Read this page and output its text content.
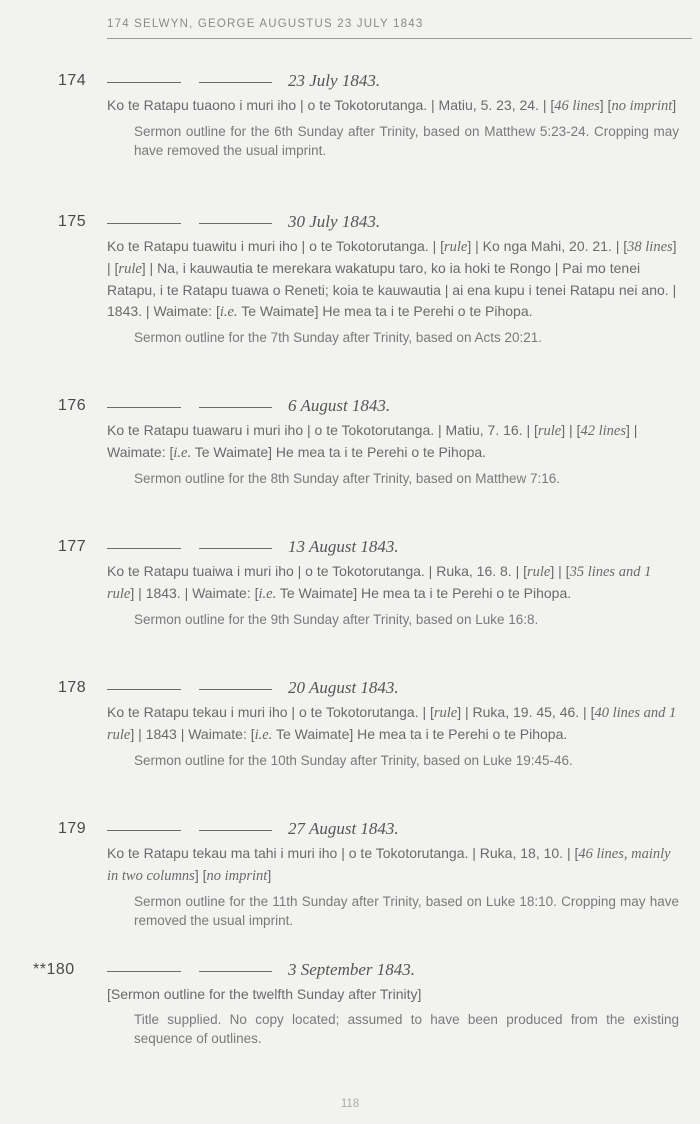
174 SELWYN, GEORGE AUGUSTUS 23 JULY 1843
174	23 July 1843.
Ko te Ratapu tuaono i muri iho | o te Tokotorutanga. | Matiu, 5. 23, 24. | [46 lines] [no imprint]
Sermon outline for the 6th Sunday after Trinity, based on Matthew 5:23-24. Cropping may have removed the usual imprint.
175	30 July 1843.
Ko te Ratapu tuawitu i muri iho | o te Tokotorutanga. | [rule] | Ko nga Mahi, 20. 21. | [38 lines] | [rule] | Na, i kauwautia te merekara wakatupu taro, ko ia hoki te Rongo | Pai mo tenei Ratapu, i te Ratapu tuawa o Reneti; koia te kauwautia | ai ena kupu i tenei Ratapu nei ano. | 1843. | Waimate: [i.e. Te Waimate] He mea ta i te Perehi o te Pihopa.
Sermon outline for the 7th Sunday after Trinity, based on Acts 20:21.
176	6 August 1843.
Ko te Ratapu tuawaru i muri iho | o te Tokotorutanga. | Matiu, 7. 16. | [rule] | [42 lines] | Waimate: [i.e. Te Waimate] He mea ta i te Perehi o te Pihopa.
Sermon outline for the 8th Sunday after Trinity, based on Matthew 7:16.
177	13 August 1843.
Ko te Ratapu tuaiwa i muri iho | o te Tokotorutanga. | Ruka, 16. 8. | [rule] | [35 lines and 1 rule] | 1843. | Waimate: [i.e. Te Waimate] He mea ta i te Perehi o te Pihopa.
Sermon outline for the 9th Sunday after Trinity, based on Luke 16:8.
178	20 August 1843.
Ko te Ratapu tekau i muri iho | o te Tokotorutanga. | [rule] | Ruka, 19. 45, 46. | [40 lines and 1 rule] | 1843 | Waimate: [i.e. Te Waimate] He mea ta i te Perehi o te Pihopa.
Sermon outline for the 10th Sunday after Trinity, based on Luke 19:45-46.
179	27 August 1843.
Ko te Ratapu tekau ma tahi i muri iho | o te Tokotorutanga. | Ruka, 18, 10. | [46 lines, mainly in two columns] [no imprint]
Sermon outline for the 11th Sunday after Trinity, based on Luke 18:10. Cropping may have removed the usual imprint.
**180	3 September 1843.
[Sermon outline for the twelfth Sunday after Trinity]
Title supplied. No copy located; assumed to have been produced from the existing sequence of outlines.
118
